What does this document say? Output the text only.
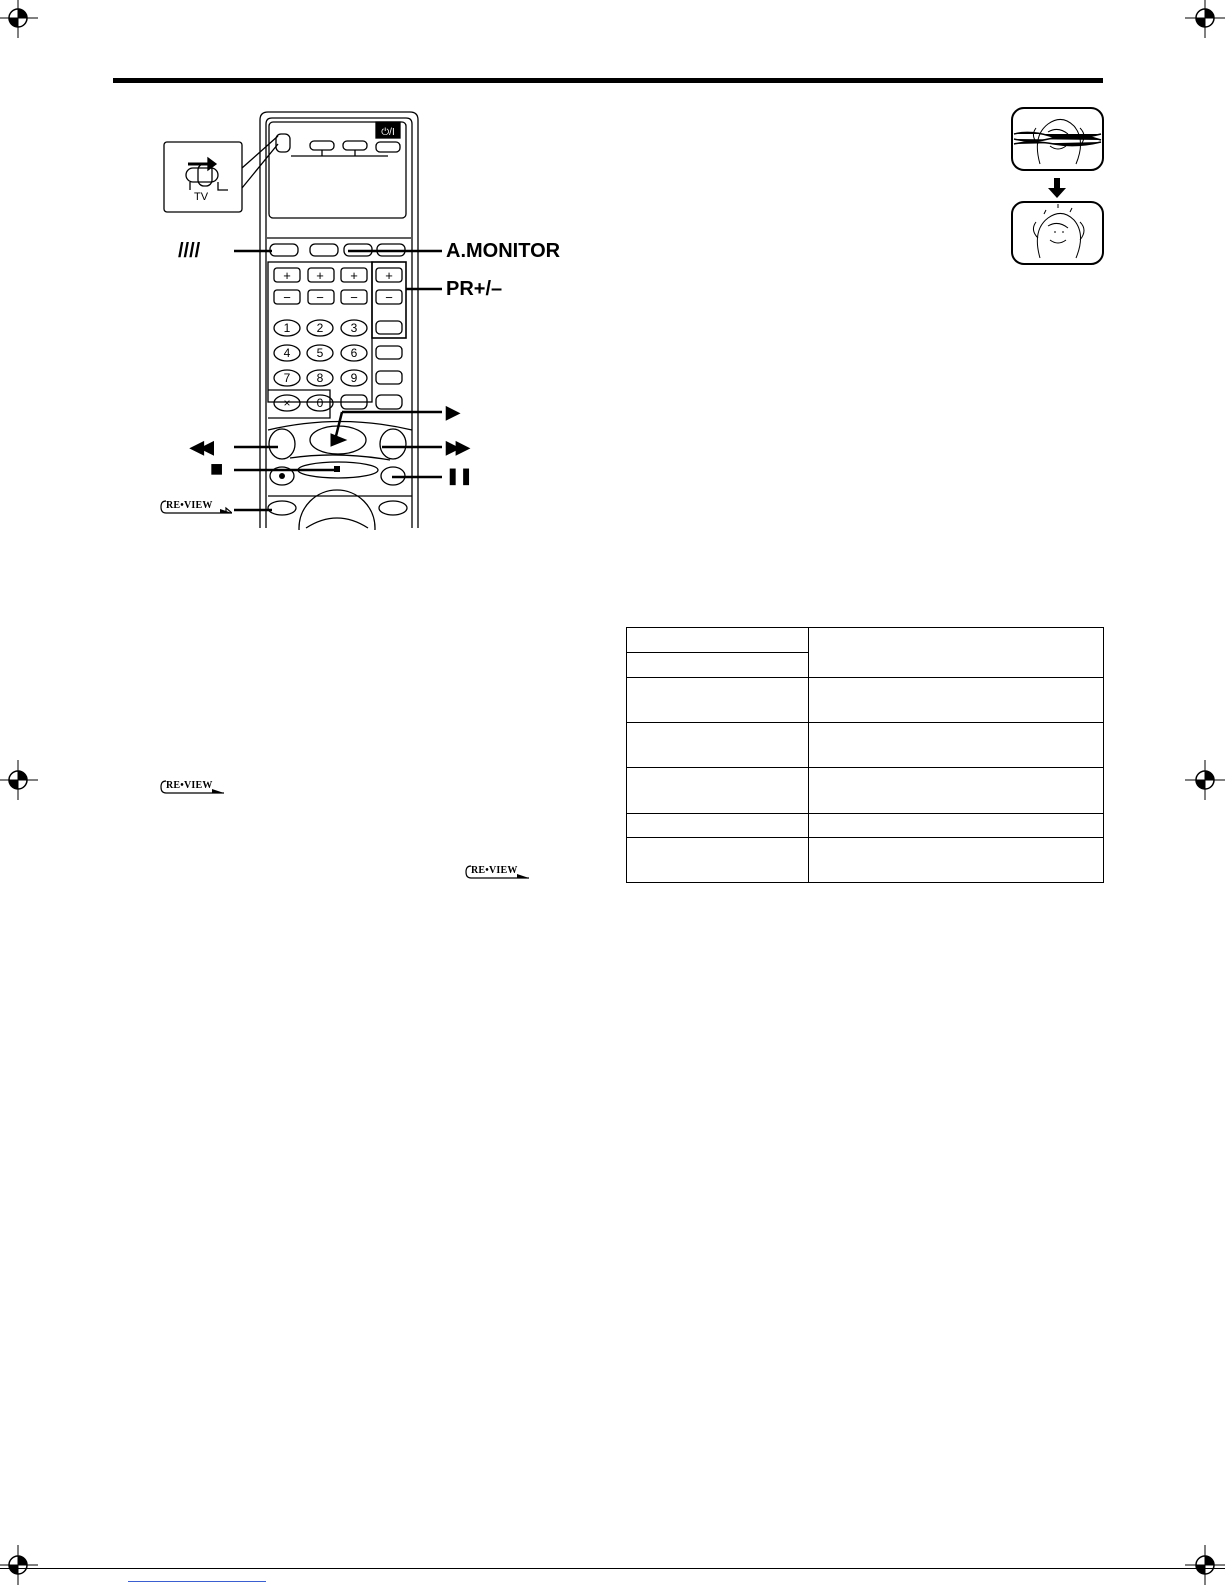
1 2 3
4 5 6
7 8 9
0
×
+ + + +
− − − −
TV
⏻/I
////	A.MONITOR
PR+/–
▶
◀◀	▶▶
■	❚❚
RE•VIEW
RE•VIEW
RE•VIEW
